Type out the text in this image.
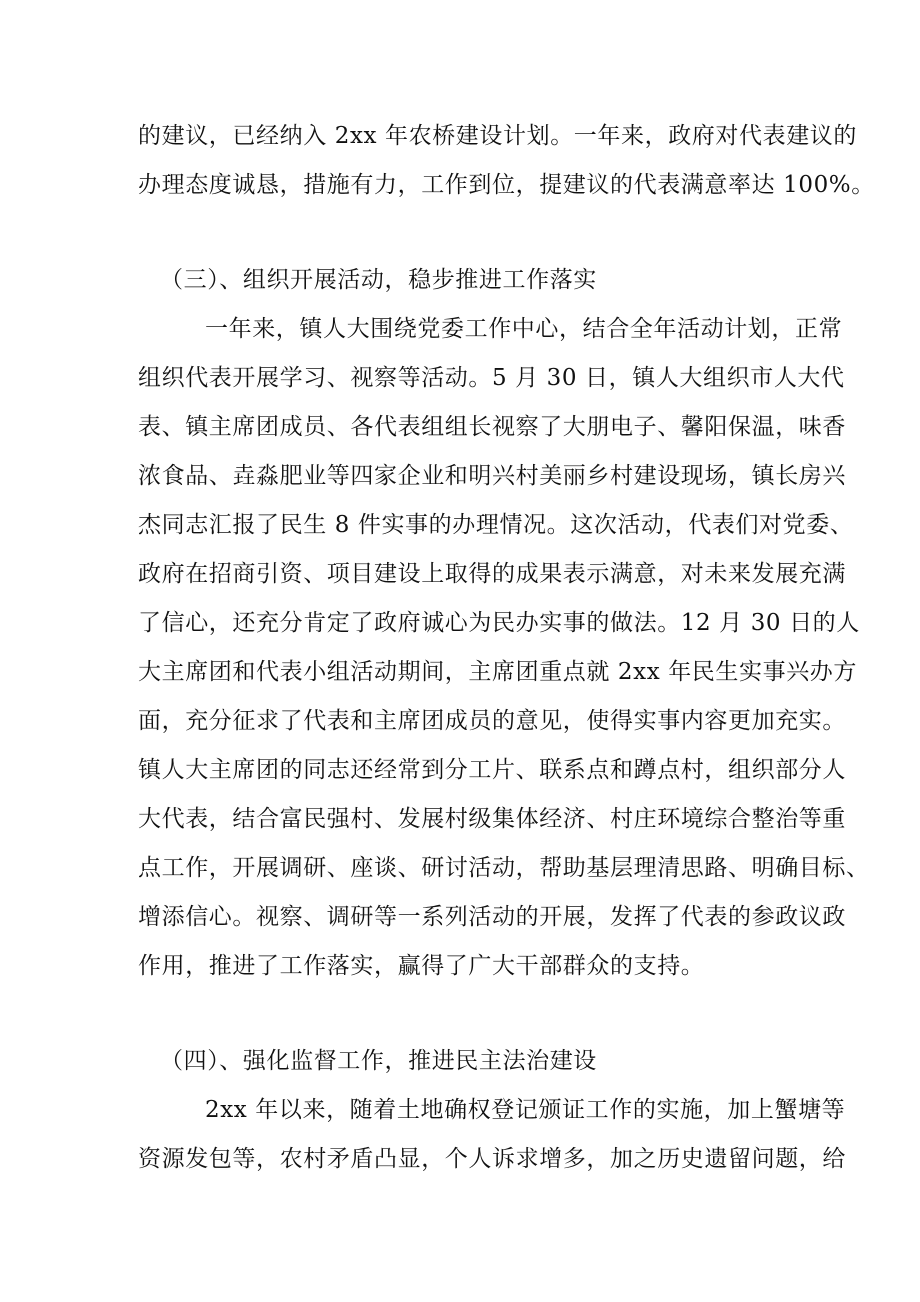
的建议，已经纳入 2xx 年农桥建设计划。一年来，政府对代表建议的
办理态度诚恳，措施有力，工作到位，提建议的代表满意率达 100%。
（三）、组织开展活动，稳步推进工作落实
一年来，镇人大围绕党委工作中心，结合全年活动计划，正常
组织代表开展学习、视察等活动。5 月 30 日，镇人大组织市人大代
表、镇主席团成员、各代表组组长视察了大朋电子、馨阳保温，味香
浓食品、垚淼肥业等四家企业和明兴村美丽乡村建设现场，镇长房兴
杰同志汇报了民生 8 件实事的办理情况。这次活动，代表们对党委、
政府在招商引资、项目建设上取得的成果表示满意，对未来发展充满
了信心，还充分肯定了政府诚心为民办实事的做法。12 月 30 日的人
大主席团和代表小组活动期间，主席团重点就 2xx 年民生实事兴办方
面，充分征求了代表和主席团成员的意见，使得实事内容更加充实。
镇人大主席团的同志还经常到分工片、联系点和蹲点村，组织部分人
大代表，结合富民强村、发展村级集体经济、村庄环境综合整治等重
点工作，开展调研、座谈、研讨活动，帮助基层理清思路、明确目标、
增添信心。视察、调研等一系列活动的开展，发挥了代表的参政议政
作用，推进了工作落实，赢得了广大干部群众的支持。
（四）、强化监督工作，推进民主法治建设
2xx 年以来，随着土地确权登记颁证工作的实施，加上蟹塘等
资源发包等，农村矛盾凸显，个人诉求增多，加之历史遗留问题，给
